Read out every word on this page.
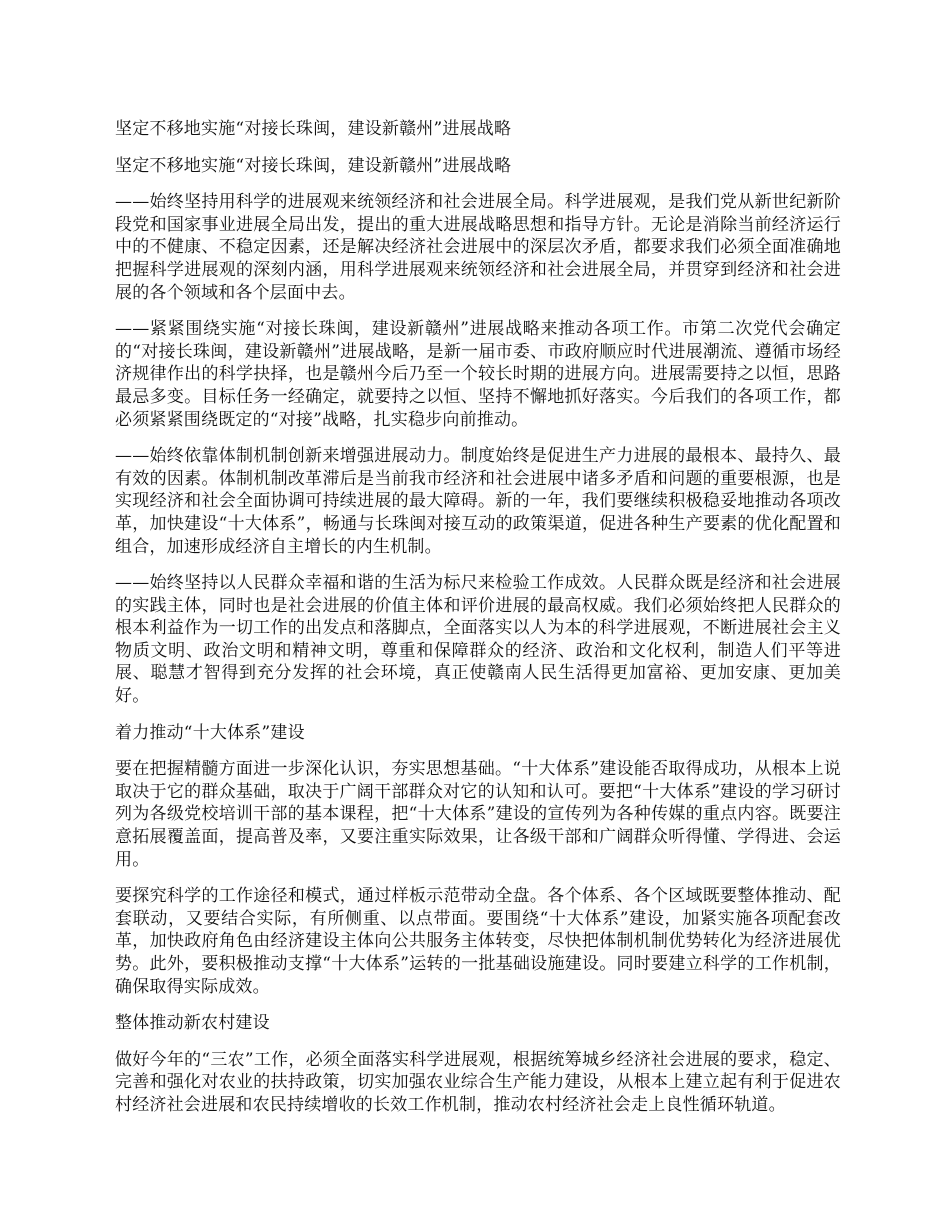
坚定不移地实施“对接长珠闽，建设新赣州”进展战略
坚定不移地实施“对接长珠闽，建设新赣州”进展战略

——始终坚持用科学的进展观来统领经济和社会进展全局。科学进展观，是我们党从新世纪新阶段党和国家事业进展全局出发，提出的重大进展战略思想和指导方针。无论是消除当前经济运行中的不健康、不稳定因素，还是解决经济社会进展中的深层次矛盾，都要求我们必须全面准确地把握科学进展观的深刻内涵，用科学进展观来统领经济和社会进展全局，并贯穿到经济和社会进展的各个领域和各个层面中去。

——紧紧围绕实施“对接长珠闽，建设新赣州”进展战略来推动各项工作。市第二次党代会确定的“对接长珠闽，建设新赣州”进展战略，是新一届市委、市政府顺应时代进展潮流、遵循市场经济规律作出的科学抉择，也是赣州今后乃至一个较长时期的进展方向。进展需要持之以恒，思路最忌多变。目标任务一经确定，就要持之以恒、坚持不懈地抓好落实。今后我们的各项工作，都必须紧紧围绕既定的“对接”战略，扎实稳步向前推动。

——始终依靠体制机制创新来增强进展动力。制度始终是促进生产力进展的最根本、最持久、最有效的因素。体制机制改革滞后是当前我市经济和社会进展中诸多矛盾和问题的重要根源，也是实现经济和社会全面协调可持续进展的最大障碍。新的一年，我们要继续积极稳妥地推动各项改革，加快建设“十大体系”，畅通与长珠闽对接互动的政策渠道，促进各种生产要素的优化配置和组合，加速形成经济自主增长的内生机制。

——始终坚持以人民群众幸福和谐的生活为标尺来检验工作成效。人民群众既是经济和社会进展的实践主体，同时也是社会进展的价值主体和评价进展的最高权威。我们必须始终把人民群众的根本利益作为一切工作的出发点和落脚点，全面落实以人为本的科学进展观，不断进展社会主义物质文明、政治文明和精神文明，尊重和保障群众的经济、政治和文化权利，制造人们平等进展、聪慧才智得到充分发挥的社会环境，真正使赣南人民生活得更加富裕、更加安康、更加美好。

着力推动“十大体系”建设

要在把握精髓方面进一步深化认识，夯实思想基础。“十大体系”建设能否取得成功，从根本上说取决于它的群众基础，取决于广阔干部群众对它的认知和认可。要把“十大体系”建设的学习研讨列为各级党校培训干部的基本课程，把“十大体系”建设的宣传列为各种传媒的重点内容。既要注意拓展覆盖面，提高普及率，又要注重实际效果，让各级干部和广阔群众听得懂、学得进、会运用。

要探究科学的工作途径和模式，通过样板示范带动全盘。各个体系、各个区域既要整体推动、配套联动，又要结合实际，有所侧重、以点带面。要围绕“十大体系”建设，加紧实施各项配套改革，加快政府角色由经济建设主体向公共服务主体转变，尽快把体制机制优势转化为经济进展优势。此外，要积极推动支撑“十大体系”运转的一批基础设施建设。同时要建立科学的工作机制，确保取得实际成效。

整体推动新农村建设

做好今年的“三农”工作，必须全面落实科学进展观，根据统筹城乡经济社会进展的要求，稳定、完善和强化对农业的扶持政策，切实加强农业综合生产能力建设，从根本上建立起有利于促进农村经济社会进展和农民持续增收的长效工作机制，推动农村经济社会走上良性循环轨道。
